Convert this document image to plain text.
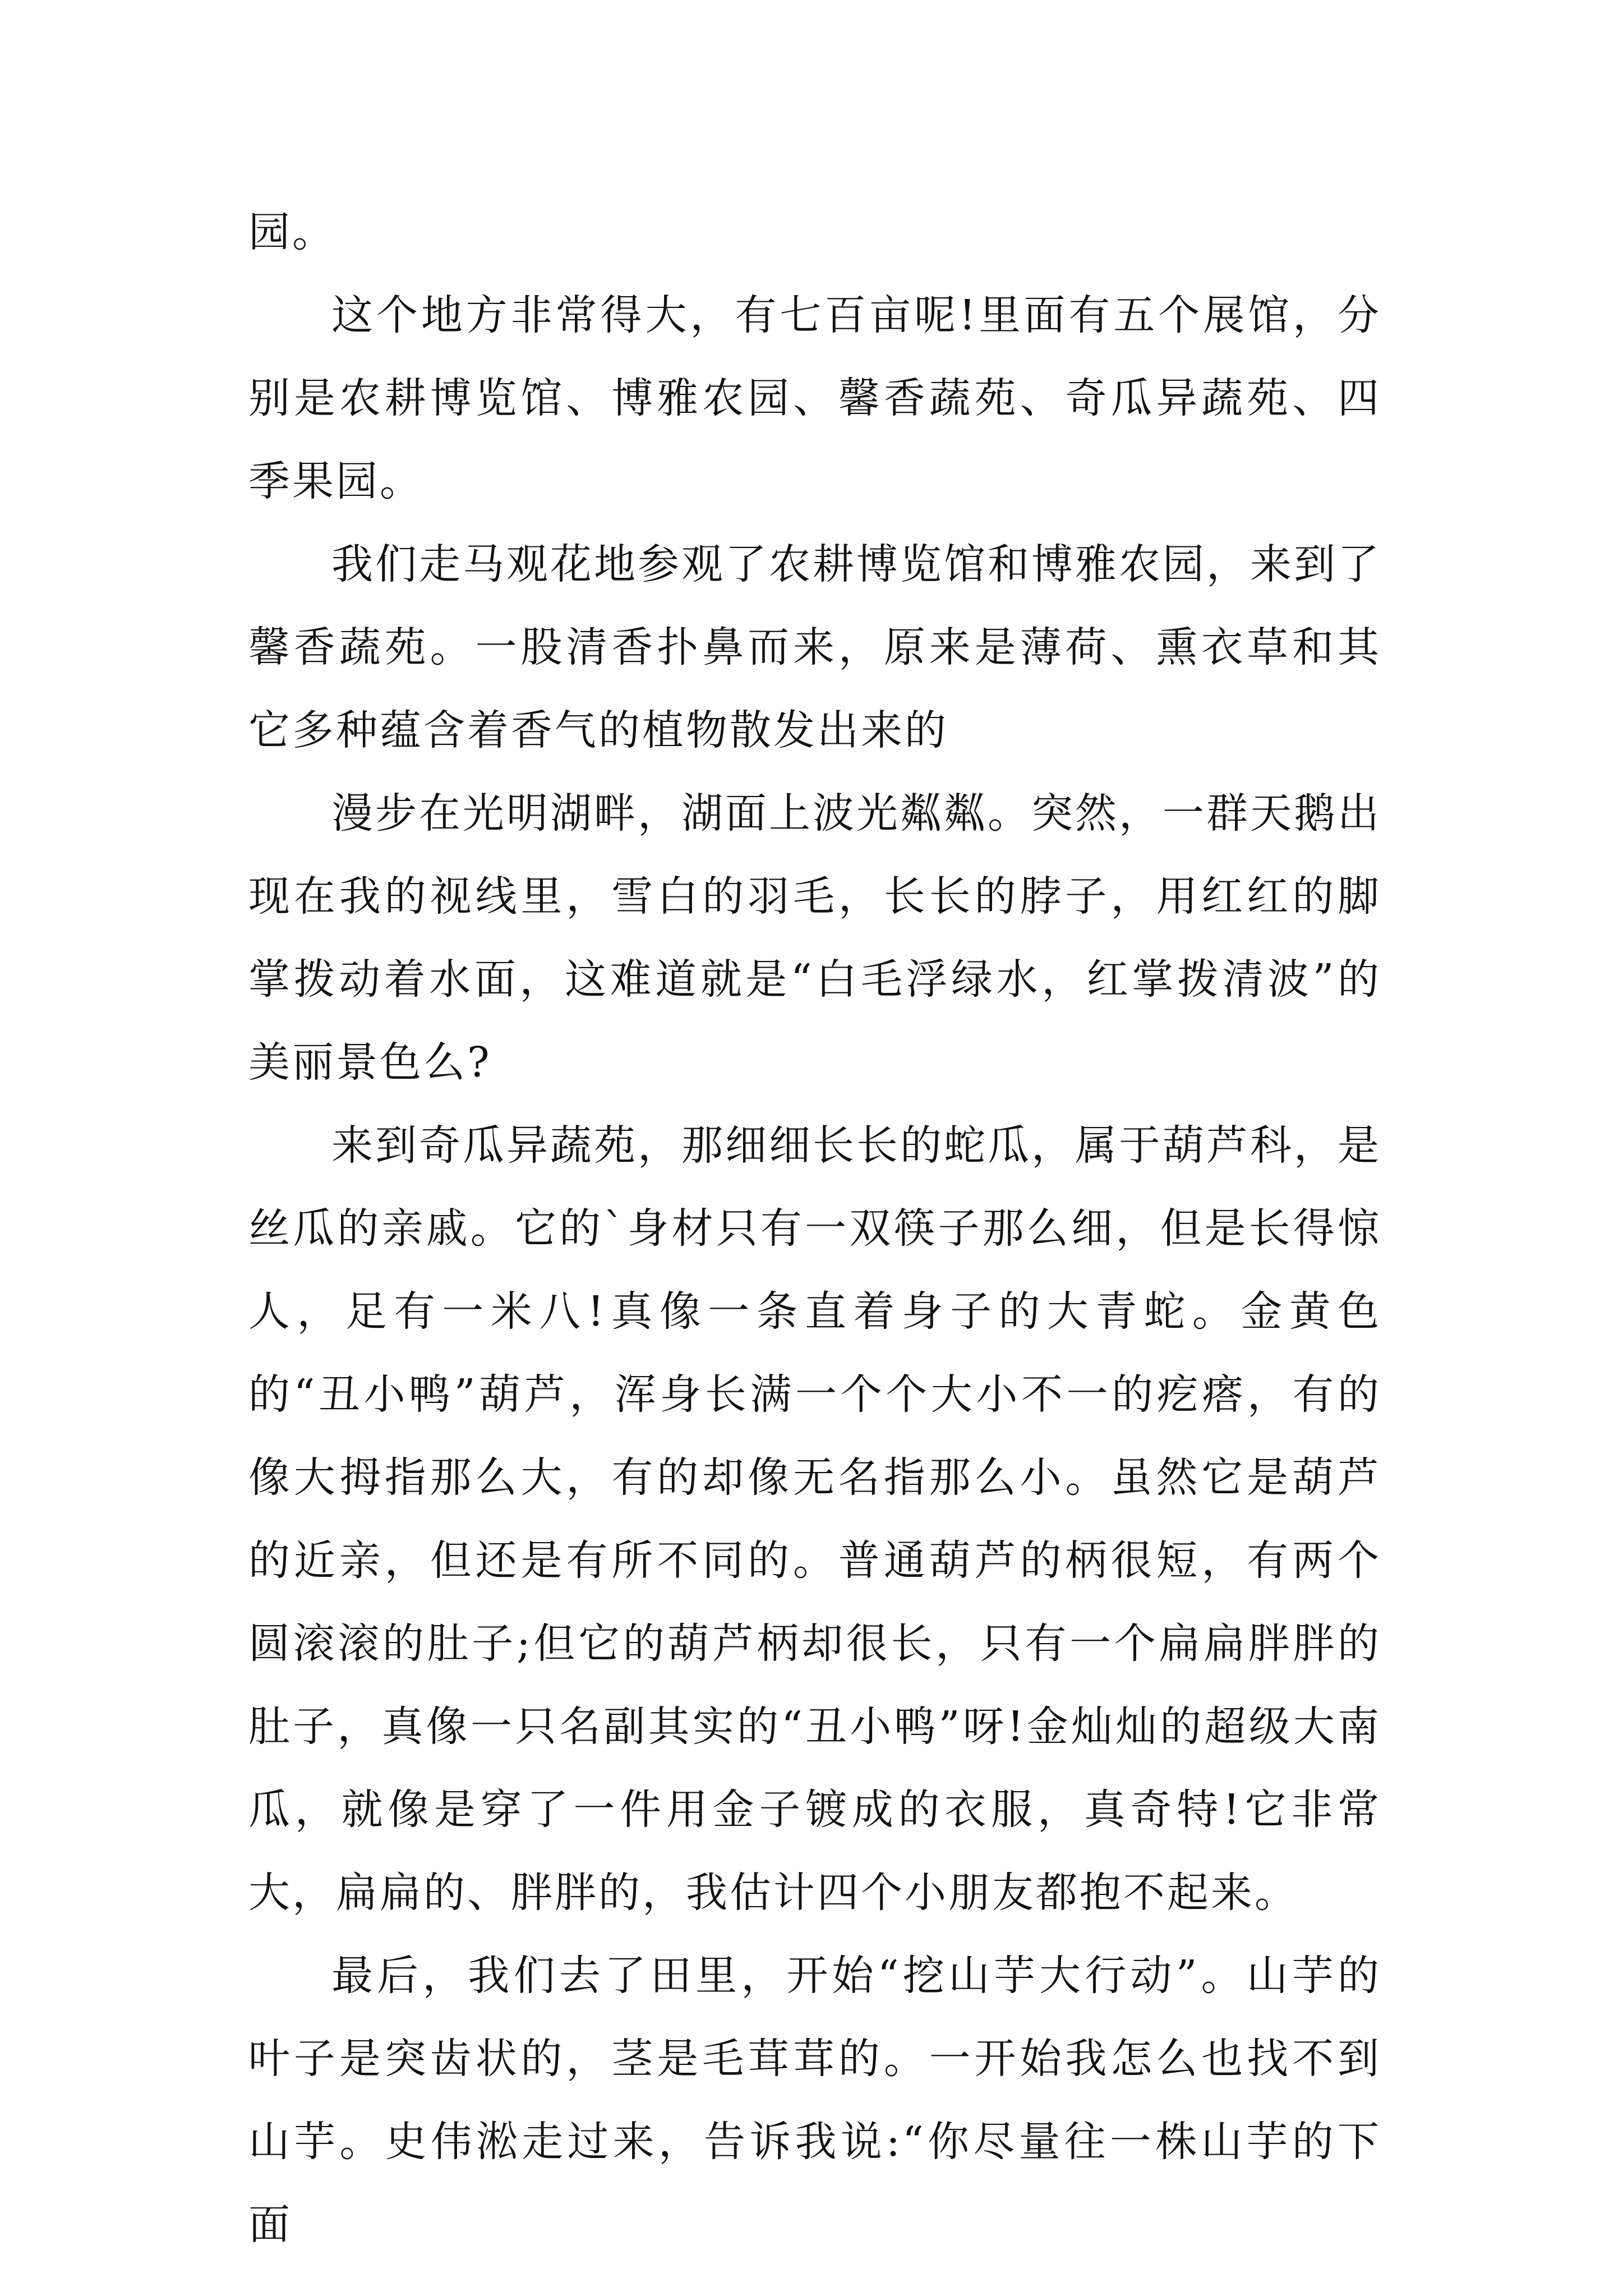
园。

这个地方非常得大，有七百亩呢!里面有五个展馆，分别是农耕博览馆、博雅农园、馨香蔬苑、奇瓜异蔬苑、四季果园。

我们走马观花地参观了农耕博览馆和博雅农园，来到了馨香蔬苑。一股清香扑鼻而来，原来是薄荷、熏衣草和其它多种蕴含着香气的植物散发出来的

漫步在光明湖畔，湖面上波光粼粼。突然，一群天鹅出现在我的视线里，雪白的羽毛，长长的脖子，用红红的脚掌拨动着水面，这难道就是“白毛浮绿水，红掌拨清波”的美丽景色么?

来到奇瓜异蔬苑，那细细长长的蛇瓜，属于葫芦科，是丝瓜的亲戚。它的`身材只有一双筷子那么细，但是长得惊人，足有一米八!真像一条直着身子的大青蛇。金黄色的“丑小鸭”葫芦，浑身长满一个个大小不一的疙瘩，有的像大拇指那么大，有的却像无名指那么小。虽然它是葫芦的近亲，但还是有所不同的。普通葫芦的柄很短，有两个圆滚滚的肚子;但它的葫芦柄却很长，只有一个扁扁胖胖的肚子，真像一只名副其实的“丑小鸭”呀!金灿灿的超级大南瓜，就像是穿了一件用金子镀成的衣服，真奇特!它非常大，扁扁的、胖胖的，我估计四个小朋友都抱不起来。

最后，我们去了田里，开始“挖山芋大行动”。山芋的叶子是突齿状的，茎是毛茸茸的。一开始我怎么也找不到山芋。史伟淞走过来，告诉我说:“你尽量往一株山芋的下面
